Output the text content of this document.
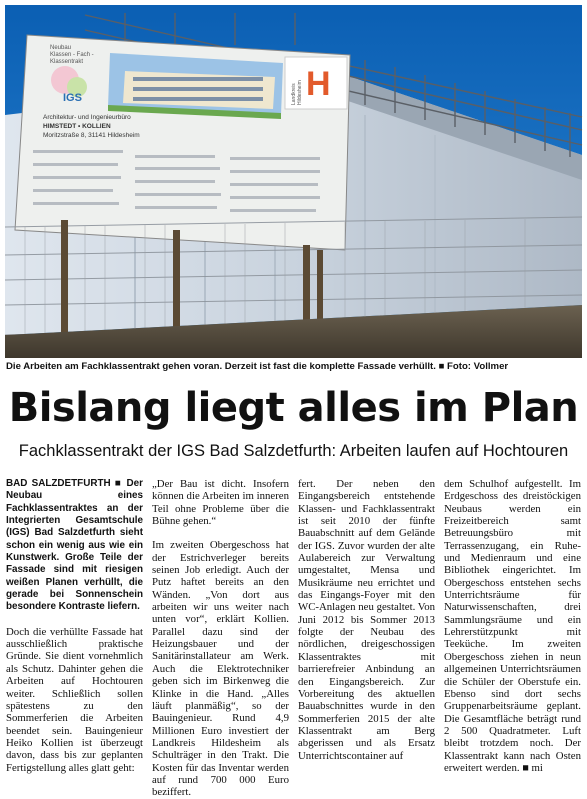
IGS
Neubau Klassen - Fach - Klassentrakt
Architektur- und Ingenieurbüro HIMSTEDT • KOLLIEN Moritzstraße 8, 31141 Hildesheim
H
Landkreis Hildesheim
Die Arbeiten am Fachklassentrakt gehen voran. Derzeit ist fast die komplette Fassade verhüllt. ■ Foto: Vollmer
Bislang liegt alles im Plan
Fachklassentrakt der IGS Bad Salzdetfurth: Arbeiten laufen auf Hochtouren

BAD SALZDETFURTH ■ Der Neubau eines Fachklassentraktes an der Integrierten Gesamtschule (IGS) Bad Salzdetfurth sieht schon ein wenig aus wie ein Kunstwerk. Große Teile der Fassade sind mit riesigen weißen Planen verhüllt, die gerade bei Sonnenschein besondere Kontraste liefern.

Doch die verhüllte Fassade hat ausschließlich praktische Gründe. Sie dient vornehmlich als Schutz. Dahinter gehen die Arbeiten auf Hochtouren weiter. Schließlich sollen spätestens zu den Sommerferien die Arbeiten beendet sein. Bauingenieur Heiko Kollien ist überzeugt davon, dass bis zur geplanten Fertigstellung alles glatt geht:

„Der Bau ist dicht. Insofern können die Arbeiten im inneren Teil ohne Probleme über die Bühne gehen.“

Im zweiten Obergeschoss hat der Estrichverleger bereits seinen Job erledigt. Auch der Putz haftet bereits an den Wänden. „Von dort aus arbeiten wir uns weiter nach unten vor“, erklärt Kollien. Parallel dazu sind der Heizungsbauer und der Sanitärinstallateur am Werk. Auch die Elektrotechniker geben sich im Birkenweg die Klinke in die Hand. „Alles läuft planmäßig“, so der Bauingenieur. Rund 4,9 Millionen Euro investiert der Landkreis Hildesheim als Schulträger in den Trakt. Die Kosten für das Inventar werden auf rund 700 000 Euro beziffert.

fert. Der neben den Eingangsbereich entstehende Klassen- und Fachklassentrakt ist seit 2010 der fünfte Bauabschnitt auf dem Gelände der IGS. Zuvor wurden der alte Aulabereich zur Verwaltung umgestaltet, Mensa und Musikräume neu errichtet und das Eingangs-Foyer mit den WC-Anlagen neu gestaltet. Von Juni 2012 bis Sommer 2013 folgte der Neubau des nördlichen, dreigeschossigen Klassentraktes mit barrierefreier Anbindung an den Eingangsbereich. Zur Vorbereitung des aktuellen Bauabschnittes wurde in den Sommerferien 2015 der alte Klassentrakt am Berg abgerissen und als Ersatz Unterrichtscontainer auf

dem Schulhof aufgestellt. Im Erdgeschoss des dreistöckigen Neubaus werden ein Freizeitbereich samt Betreuungsbüro mit Terrassenzugang, ein Ruhe- und Medienraum und eine Bibliothek eingerichtet. Im Obergeschoss entstehen sechs Unterrichtsräume für Naturwissenschaften, drei Sammlungsräume und ein Lehrerstützpunkt mit Teeküche. Im zweiten Obergeschoss ziehen in neun allgemeinen Unterrichtsräumen die Schüler der Oberstufe ein. Ebenso sind dort sechs Gruppenarbeitsräume geplant. Die Gesamtfläche beträgt rund 2 500 Quadratmeter. Luft bleibt trotzdem noch. Der Klassentrakt kann nach Osten erweitert werden. ■ mi
